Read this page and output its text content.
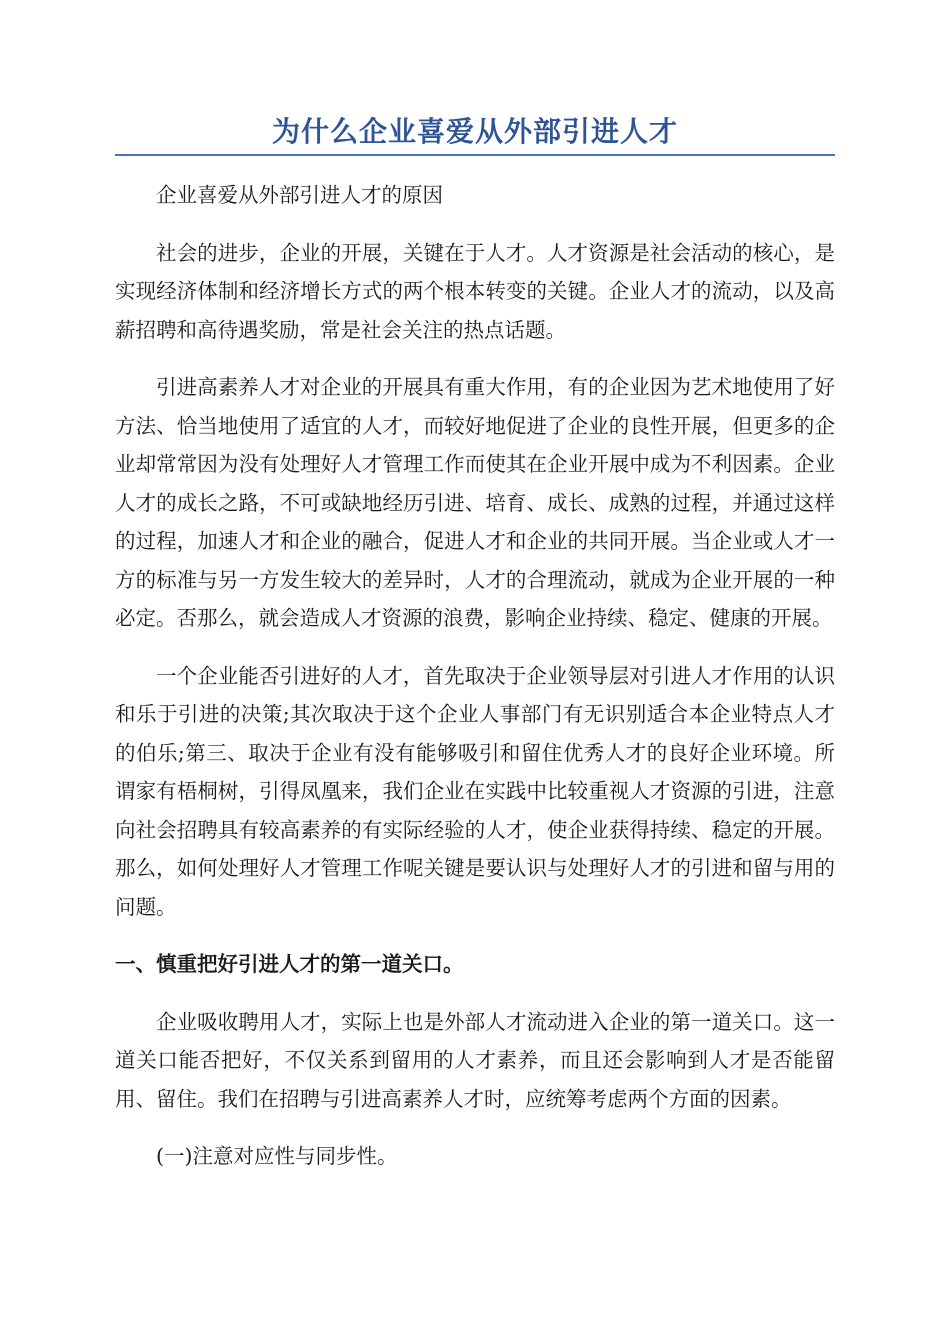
为什么企业喜爱从外部引进人才

企业喜爱从外部引进人才的原因

社会的进步，企业的开展，关键在于人才。人才资源是社会活动的核心，是实现经济体制和经济增长方式的两个根本转变的关键。企业人才的流动，以及高薪招聘和高待遇奖励，常是社会关注的热点话题。

引进高素养人才对企业的开展具有重大作用，有的企业因为艺术地使用了好方法、恰当地使用了适宜的人才，而较好地促进了企业的良性开展，但更多的企业却常常因为没有处理好人才管理工作而使其在企业开展中成为不利因素。企业人才的成长之路，不可或缺地经历引进、培育、成长、成熟的过程，并通过这样的过程，加速人才和企业的融合，促进人才和企业的共同开展。当企业或人才一方的标准与另一方发生较大的差异时，人才的合理流动，就成为企业开展的一种必定。否那么，就会造成人才资源的浪费，影响企业持续、稳定、健康的开展。

一个企业能否引进好的人才，首先取决于企业领导层对引进人才作用的认识和乐于引进的决策;其次取决于这个企业人事部门有无识别适合本企业特点人才的伯乐;第三、取决于企业有没有能够吸引和留住优秀人才的良好企业环境。所谓家有梧桐树，引得凤凰来，我们企业在实践中比较重视人才资源的引进，注意向社会招聘具有较高素养的有实际经验的人才，使企业获得持续、稳定的开展。那么，如何处理好人才管理工作呢关键是要认识与处理好人才的引进和留与用的问题。

一、慎重把好引进人才的第一道关口。

企业吸收聘用人才，实际上也是外部人才流动进入企业的第一道关口。这一道关口能否把好，不仅关系到留用的人才素养，而且还会影响到人才是否能留用、留住。我们在招聘与引进高素养人才时，应统筹考虑两个方面的因素。

(一)注意对应性与同步性。
